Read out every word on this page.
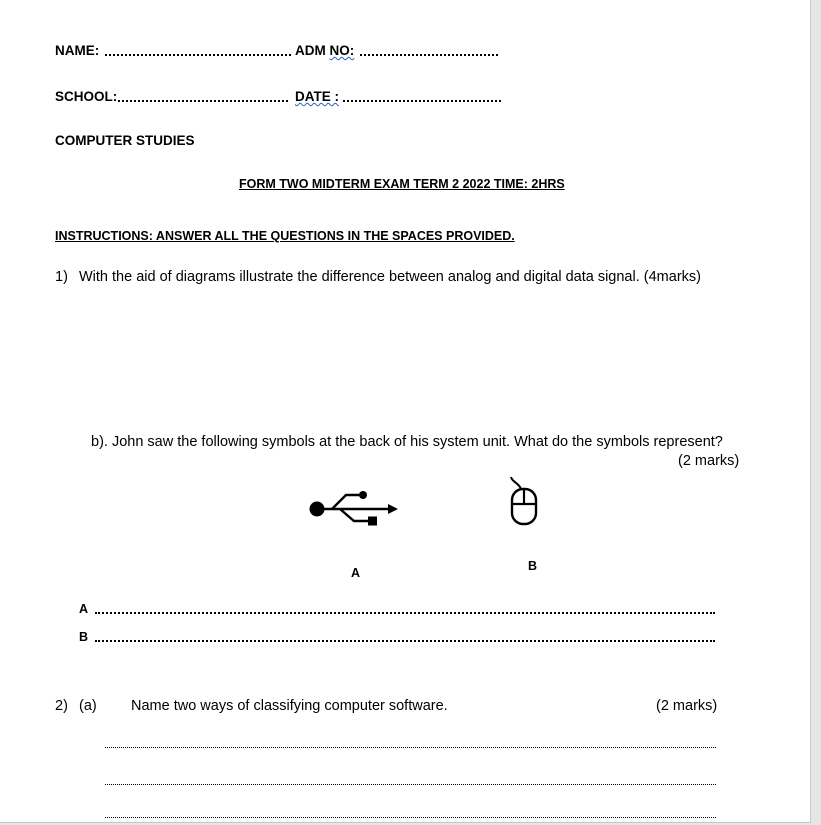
NAME:	ADM NO:
SCHOOL:	DATE :
COMPUTER STUDIES
FORM TWO MIDTERM EXAM TERM 2 2022 TIME: 2HRS
INSTRUCTIONS: ANSWER ALL THE QUESTIONS IN THE SPACES PROVIDED.
1) With the aid of diagrams illustrate the difference between analog and digital data signal. (4marks)
b). John saw the following symbols at the back of his system unit. What do the symbols represent?
(2 marks)
A	B
A
B
2) (a) Name two ways of classifying computer software.	(2 marks)
